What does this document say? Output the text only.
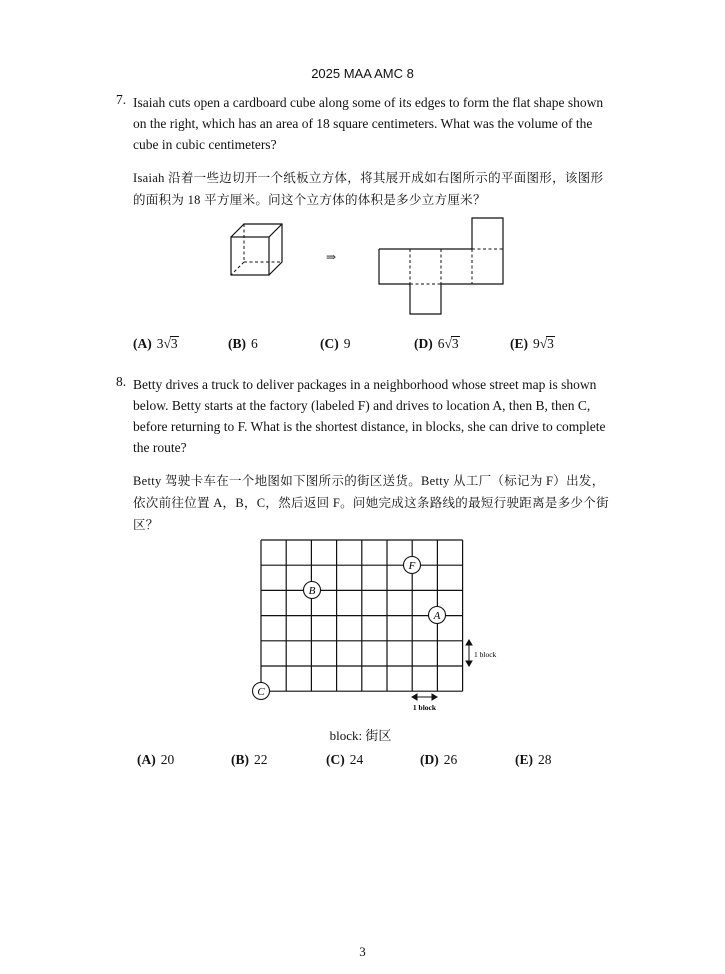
2025 MAA AMC 8
7. Isaiah cuts open a cardboard cube along some of its edges to form the flat shape shown on the right, which has an area of 18 square centimeters. What was the volume of the cube in cubic centimeters?
Isaiah 沿着一些边切开一个纸板立方体，将其展开成如右图所示的平面图形，该图形的面积为 18 平方厘米。问这个立方体的体积是多少立方厘米？
⇒
(A) 3√3	(B) 6	(C) 9	(D) 6√3	(E) 9√3
8. Betty drives a truck to deliver packages in a neighborhood whose street map is shown below. Betty starts at the factory (labeled F) and drives to location A, then B, then C, before returning to F. What is the shortest distance, in blocks, she can drive to complete the route?
Betty 驾驶卡车在一个地图如下图所示的街区送货。Betty 从工厂（标记为 F）出发，依次前往位置 A，B，C，然后返回 F。问她完成这条路线的最短行驶距离是多少个街区？
F
B
A
C
1 block
1 block
block: 街区
(A) 20	(B) 22	(C) 24	(D) 26	(E) 28
3
